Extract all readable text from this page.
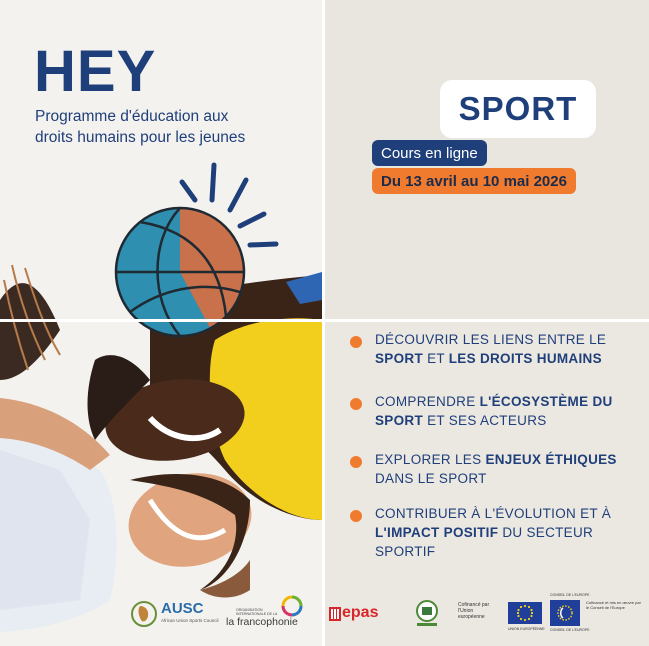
HEY
Programme d'éducation aux
droits humains pour les jeunes
SPORT
Cours en ligne
Du 13 avril au 10 mai 2026
DÉCOUVRIR LES LIENS ENTRE LE
SPORT ET LES DROITS HUMAINS
COMPRENDRE L'ÉCOSYSTÈME DU
SPORT ET SES ACTEURS
EXPLORER LES ENJEUX ÉTHIQUES
DANS LE SPORT
CONTRIBUER À L'ÉVOLUTION ET À
L'IMPACT POSITIF DU SECTEUR
SPORTIF
AUSC
African Union Sports Council
ORGANISATION INTERNATIONALE DE LA
la francophonie
epas	Cofinancé par l'Union européenne
UNION EUROPÉENNE
CONSEIL DE L'EUROPE
Cofinancé et mis en œuvre par le Conseil de l'Europe
CONSEIL DE L'EUROPE
